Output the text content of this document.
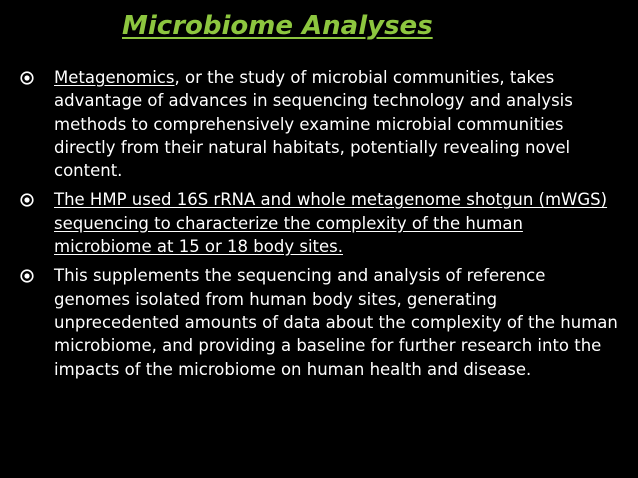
Microbiome Analyses
Metagenomics, or the study of microbial communities, takes advantage of advances in sequencing technology and analysis methods to comprehensively examine microbial communities directly from their natural habitats, potentially revealing novel content.
The HMP used 16S rRNA and whole metagenome shotgun (mWGS) sequencing to characterize the complexity of the human microbiome at 15 or 18 body sites.
This supplements the sequencing and analysis of reference genomes isolated from human body sites, generating unprecedented amounts of data about the complexity of the human microbiome, and providing a baseline for further research into the impacts of the microbiome on human health and disease.
